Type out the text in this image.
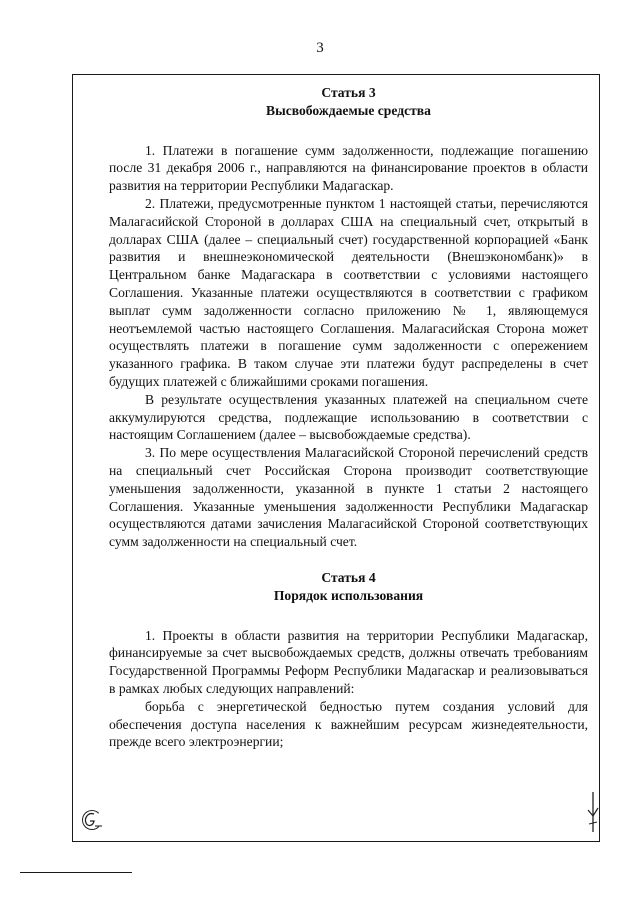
3

Статья 3

Высвобождаемые средства

1. Платежи в погашение сумм задолженности, подлежащие погашению после 31 декабря 2006 г., направляются на финансирование проектов в области развития на территории Республики Мадагаскар.

2. Платежи, предусмотренные пунктом 1 настоящей статьи, перечисляются Малагасийской Стороной в долларах США на специальный счет, открытый в долларах США (далее – специальный счет) государственной корпорацией «Банк развития и внешнеэкономической деятельности (Внешэкономбанк)» в Центральном банке Мадагаскара в соответствии с условиями настоящего Соглашения. Указанные платежи осуществляются в соответствии с графиком выплат сумм задолженности согласно приложению № 1, являющемуся неотъемлемой частью настоящего Соглашения. Малагасийская Сторона может осуществлять платежи в погашение сумм задолженности с опережением указанного графика. В таком случае эти платежи будут распределены в счет будущих платежей с ближайшими сроками погашения.

В результате осуществления указанных платежей на специальном счете аккумулируются средства, подлежащие использованию в соответствии с настоящим Соглашением (далее – высвобождаемые средства).

3. По мере осуществления Малагасийской Стороной перечислений средств на специальный счет Российская Сторона производит соответствующие уменьшения задолженности, указанной в пункте 1 статьи 2 настоящего Соглашения. Указанные уменьшения задолженности Республики Мадагаскар осуществляются датами зачисления Малагасийской Стороной соответствующих сумм задолженности на специальный счет.

Статья 4

Порядок использования

1. Проекты в области развития на территории Республики Мадагаскар, финансируемые за счет высвобождаемых средств, должны отвечать требованиям Государственной Программы Реформ Республики Мадагаскар и реализовываться в рамках любых следующих направлений:

борьба с энергетической бедностью путем создания условий для обеспечения доступа населения к важнейшим ресурсам жизнедеятельности, прежде всего электроэнергии;
